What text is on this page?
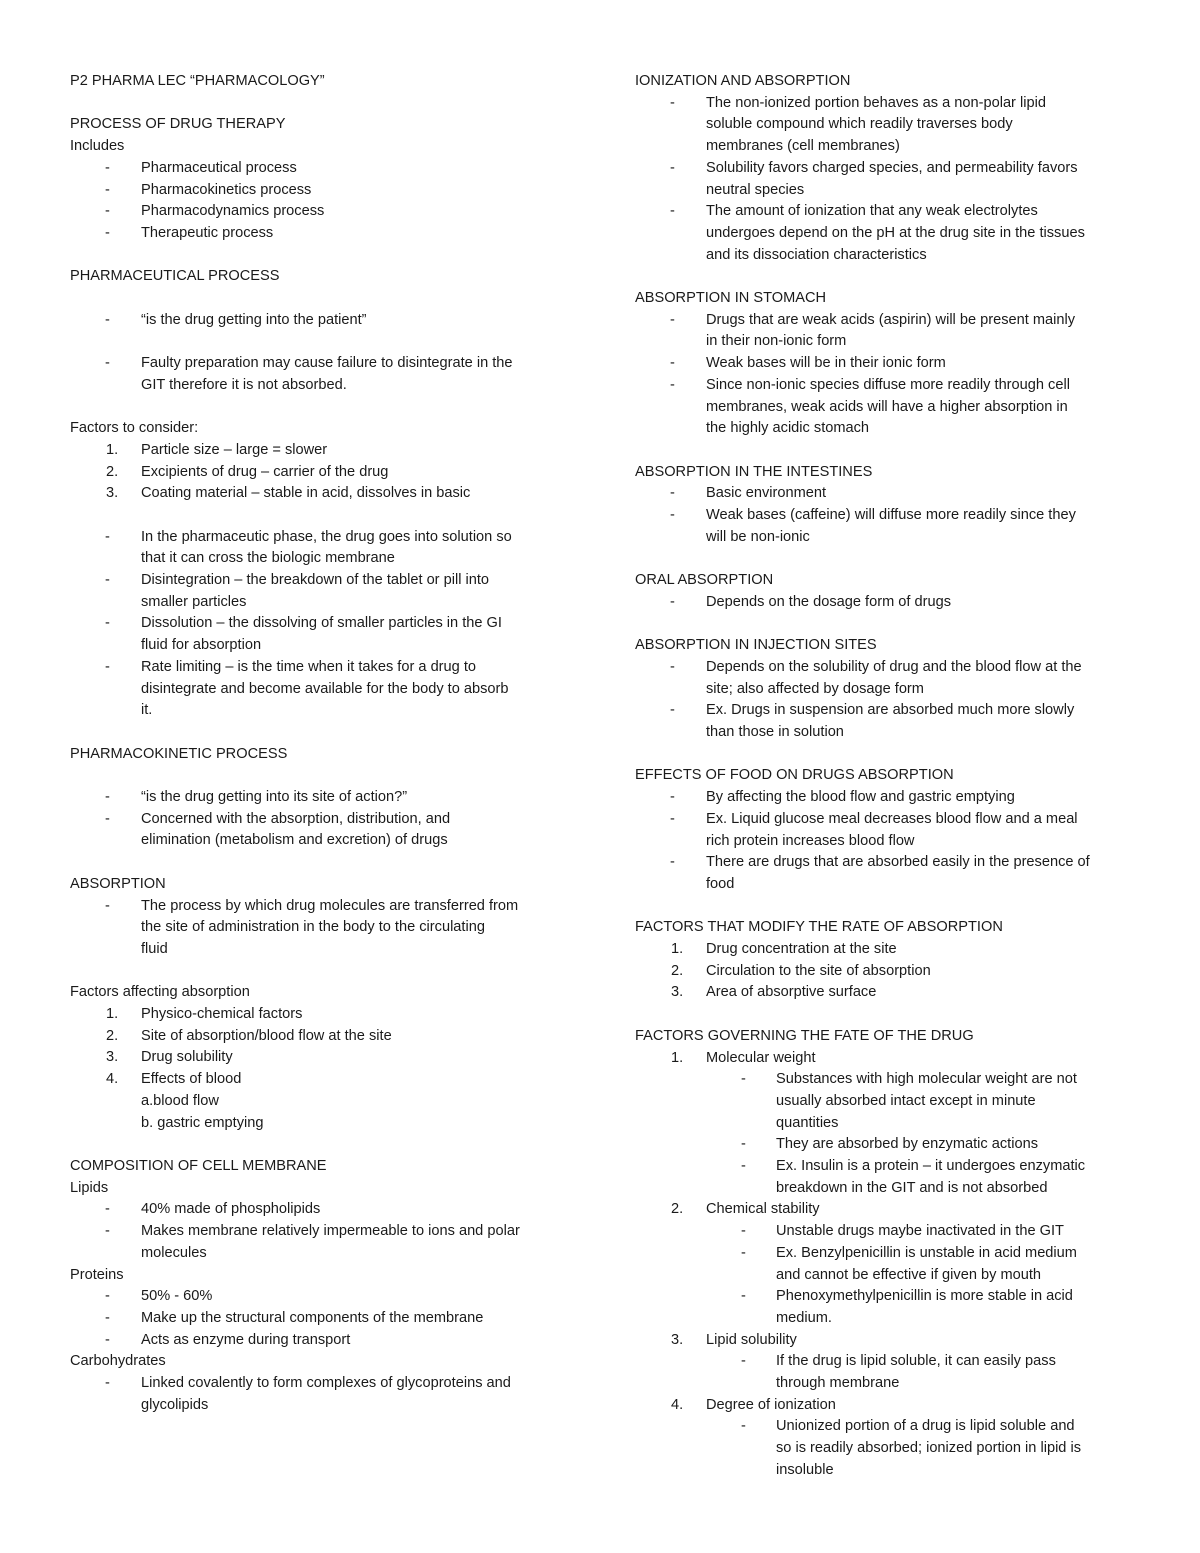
P2 PHARMA LEC “PHARMACOLOGY”
PROCESS OF DRUG THERAPY
Includes
- Pharmaceutical process
- Pharmacokinetics process
- Pharmacodynamics process
- Therapeutic process
PHARMACEUTICAL PROCESS
- “is the drug getting into the patient”
- Faulty preparation may cause failure to disintegrate in the
GIT therefore it is not absorbed.
Factors to consider:
1. Particle size – large = slower
2. Excipients of drug – carrier of the drug
3. Coating material – stable in acid, dissolves in basic
- In the pharmaceutic phase, the drug goes into solution so
that it can cross the biologic membrane
- Disintegration – the breakdown of the tablet or pill into
smaller particles
- Dissolution – the dissolving of smaller particles in the GI
fluid for absorption
- Rate limiting – is the time when it takes for a drug to
disintegrate and become available for the body to absorb
it.
PHARMACOKINETIC PROCESS
- “is the drug getting into its site of action?”
- Concerned with the absorption, distribution, and
elimination (metabolism and excretion) of drugs
ABSORPTION
- The process by which drug molecules are transferred from
the site of administration in the body to the circulating
fluid
Factors affecting absorption
1. Physico-chemical factors
2. Site of absorption/blood flow at the site
3. Drug solubility
4. Effects of blood
a.blood flow
b. gastric emptying
COMPOSITION OF CELL MEMBRANE
Lipids
- 40% made of phospholipids
- Makes membrane relatively impermeable to ions and polar
molecules
Proteins
- 50% - 60%
- Make up the structural components of the membrane
- Acts as enzyme during transport
Carbohydrates
- Linked covalently to form complexes of glycoproteins and
glycolipids
IONIZATION AND ABSORPTION
- The non-ionized portion behaves as a non-polar lipid
soluble compound which readily traverses body
membranes (cell membranes)
- Solubility favors charged species, and permeability favors
neutral species
- The amount of ionization that any weak electrolytes
undergoes depend on the pH at the drug site in the tissues
and its dissociation characteristics
ABSORPTION IN STOMACH
- Drugs that are weak acids (aspirin) will be present mainly
in their non-ionic form
- Weak bases will be in their ionic form
- Since non-ionic species diffuse more readily through cell
membranes, weak acids will have a higher absorption in
the highly acidic stomach
ABSORPTION IN THE INTESTINES
- Basic environment
- Weak bases (caffeine) will diffuse more readily since they
will be non-ionic
ORAL ABSORPTION
- Depends on the dosage form of drugs
ABSORPTION IN INJECTION SITES
- Depends on the solubility of drug and the blood flow at the
site; also affected by dosage form
- Ex. Drugs in suspension are absorbed much more slowly
than those in solution
EFFECTS OF FOOD ON DRUGS ABSORPTION
- By affecting the blood flow and gastric emptying
- Ex. Liquid glucose meal decreases blood flow and a meal
rich protein increases blood flow
- There are drugs that are absorbed easily in the presence of
food
FACTORS THAT MODIFY THE RATE OF ABSORPTION
1. Drug concentration at the site
2. Circulation to the site of absorption
3. Area of absorptive surface
FACTORS GOVERNING THE FATE OF THE DRUG
1. Molecular weight
- Substances with high molecular weight are not
usually absorbed intact except in minute
quantities
- They are absorbed by enzymatic actions
- Ex. Insulin is a protein – it undergoes enzymatic
breakdown in the GIT and is not absorbed
2. Chemical stability
- Unstable drugs maybe inactivated in the GIT
- Ex. Benzylpenicillin is unstable in acid medium
and cannot be effective if given by mouth
- Phenoxymethylpenicillin is more stable in acid
medium.
3. Lipid solubility
- If the drug is lipid soluble, it can easily pass
through membrane
4. Degree of ionization
- Unionized portion of a drug is lipid soluble and
so is readily absorbed; ionized portion in lipid is
insoluble
